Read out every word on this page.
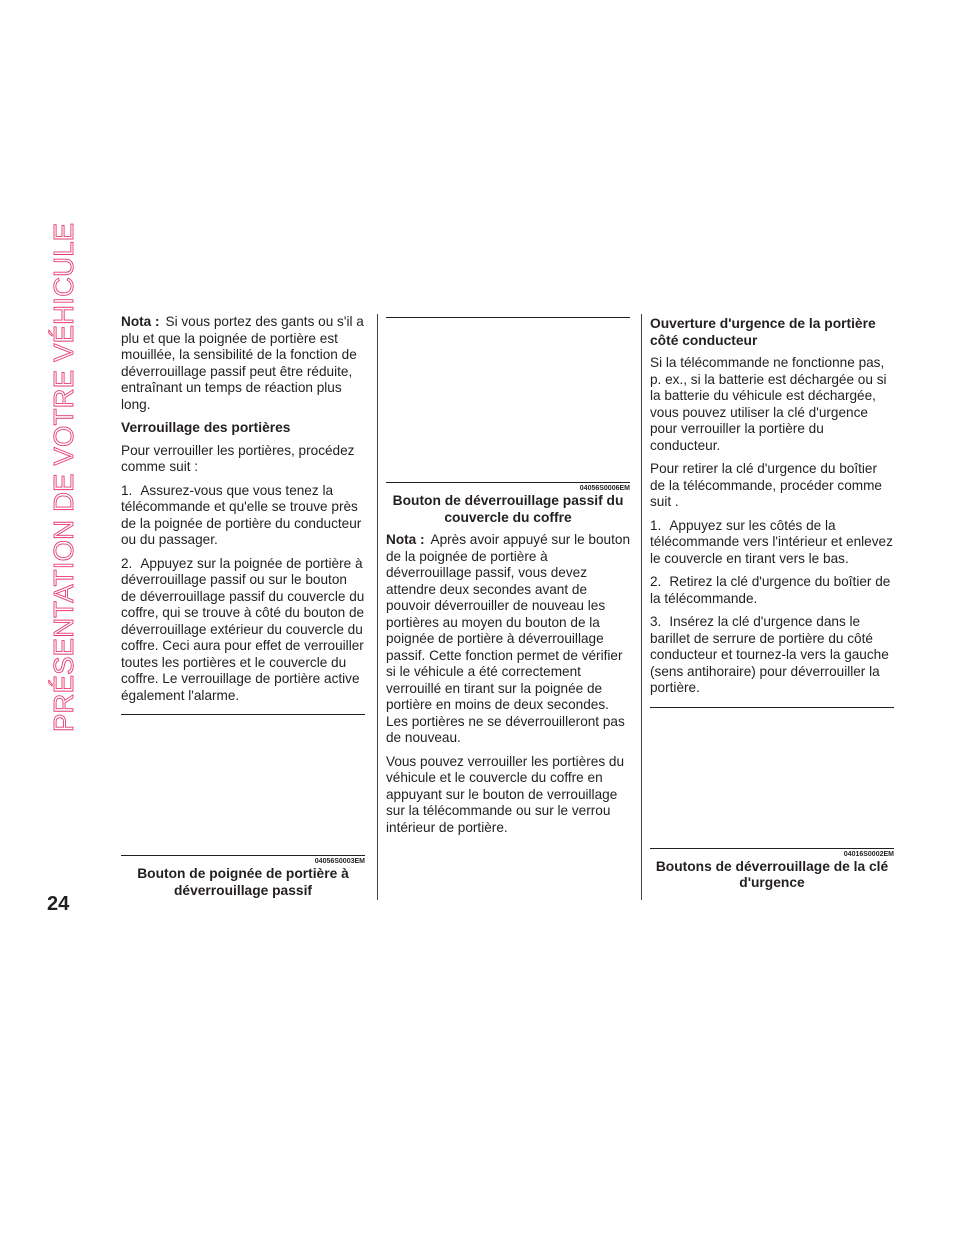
PRÉSENTATION DE VOTRE VÉHICULE
24

Nota : Si vous portez des gants ou s'il a plu et que la poignée de portière est mouillée, la sensibilité de la fonction de déverrouillage passif peut être réduite, entraînant un temps de réaction plus long.

Verrouillage des portières

Pour verrouiller les portières, procédez comme suit :

1. Assurez-vous que vous tenez la télécommande et qu'elle se trouve près de la poignée de portière du conducteur ou du passager.

2. Appuyez sur la poignée de portière à déverrouillage passif ou sur le bouton de déverrouillage passif du couvercle du coffre, qui se trouve à côté du bouton de déverrouillage extérieur du couvercle du coffre. Ceci aura pour effet de verrouiller toutes les portières et le couvercle du coffre. Le verrouillage de portière active également l'alarme.

04056S0003EM
Bouton de poignée de portière à déverrouillage passif
04056S0006EM
Bouton de déverrouillage passif du couvercle du coffre

Nota : Après avoir appuyé sur le bouton de la poignée de portière à déverrouillage passif, vous devez attendre deux secondes avant de pouvoir déverrouiller de nouveau les portières au moyen du bouton de la poignée de portière à déverrouillage passif. Cette fonction permet de vérifier si le véhicule a été correctement verrouillé en tirant sur la poignée de portière en moins de deux secondes. Les portières ne se déverrouilleront pas de nouveau.

Vous pouvez verrouiller les portières du véhicule et le couvercle du coffre en appuyant sur le bouton de verrouillage sur la télécommande ou sur le verrou intérieur de portière.

Ouverture d'urgence de la portière côté conducteur

Si la télécommande ne fonctionne pas, p. ex., si la batterie est déchargée ou si la batterie du véhicule est déchargée, vous pouvez utiliser la clé d'urgence pour verrouiller la portière du conducteur.

Pour retirer la clé d'urgence du boîtier de la télécommande, procéder comme suit .

1. Appuyez sur les côtés de la télécommande vers l'intérieur et enlevez le couvercle en tirant vers le bas.

2. Retirez la clé d'urgence du boîtier de la télécommande.

3. Insérez la clé d'urgence dans le barillet de serrure de portière du côté conducteur et tournez-la vers la gauche (sens antihoraire) pour déverrouiller la portière.

04016S0002EM
Boutons de déverrouillage de la clé d'urgence
